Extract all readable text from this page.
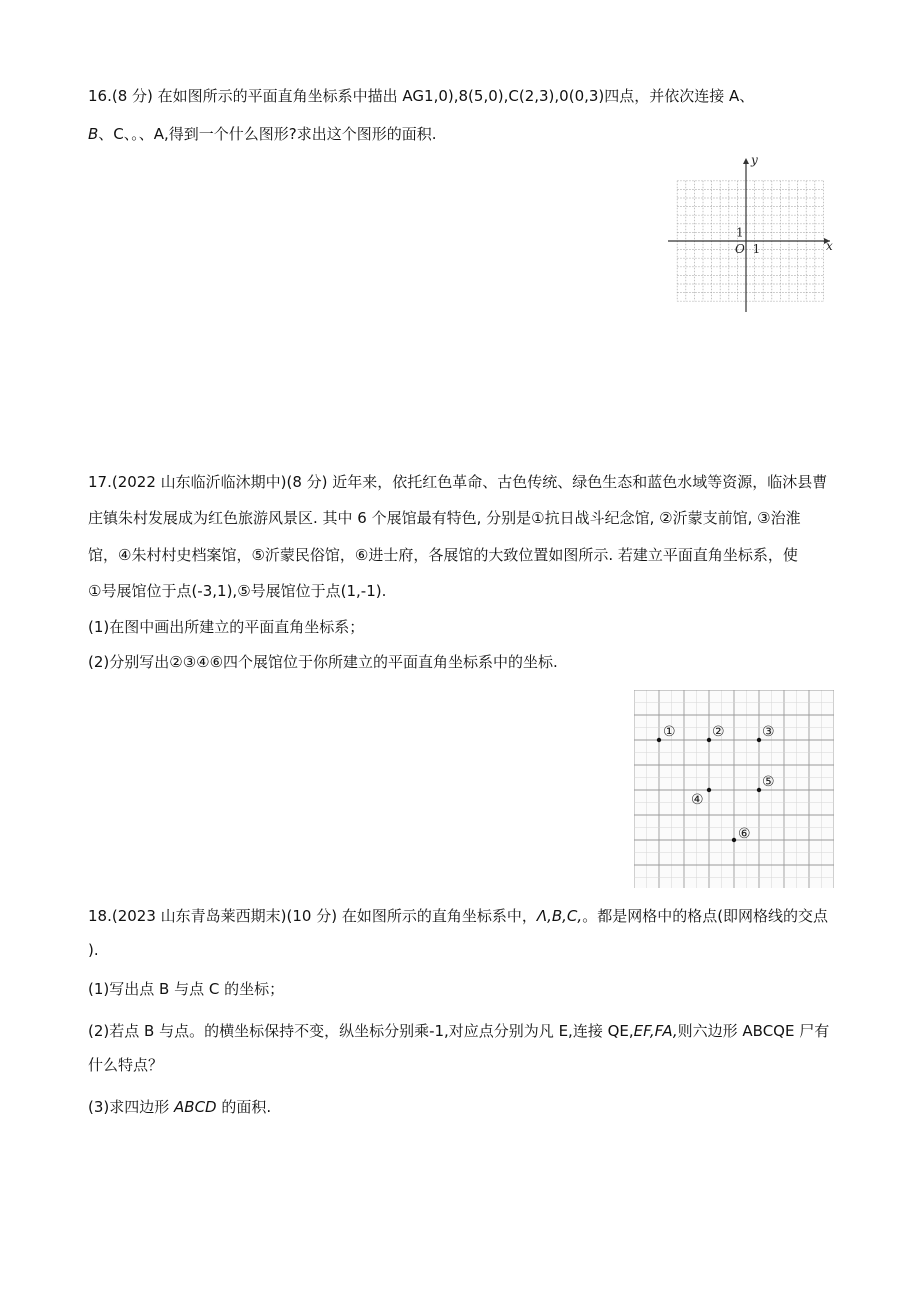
16.(8 分) 在如图所示的平面直角坐标系中描出 AG1,0),8(5,0),C(2,3),0(0,3)四点，并依次连接 A、
B、C、。、A,得到一个什么图形?求出这个图形的面积.
x
y
O 1
1
17.(2022 山东临沂临沐期中)(8 分) 近年来，依托红色革命、古色传统、绿色生态和蓝色水域等资源，临沐县曹
庄镇朱村发展成为红色旅游风景区. 其中 6 个展馆最有特色, 分别是①抗日战斗纪念馆, ②沂蒙支前馆, ③治淮
馆，④朱村村史档案馆，⑤沂蒙民俗馆，⑥进士府，各展馆的大致位置如图所示. 若建立平面直角坐标系，使
①号展馆位于点(-3,1),⑤号展馆位于点(1,-1).
(1)在图中画出所建立的平面直角坐标系；
(2)分别写出②③④⑥四个展馆位于你所建立的平面直角坐标系中的坐标.
①	②	③
④
⑤
⑥
18.(2023 山东青岛莱西期末)(10 分) 在如图所示的直角坐标系中，Λ,B,C,。都是网格中的格点(即网格线的交点
).
(1)写出点 B 与点 C 的坐标；
(2)若点 B 与点。的横坐标保持不变，纵坐标分别乘-1,对应点分别为凡 E,连接 QE,EF,FA,则六边形 ABCQE 尸有
什么特点？
(3)求四边形 ABCD 的面积.
